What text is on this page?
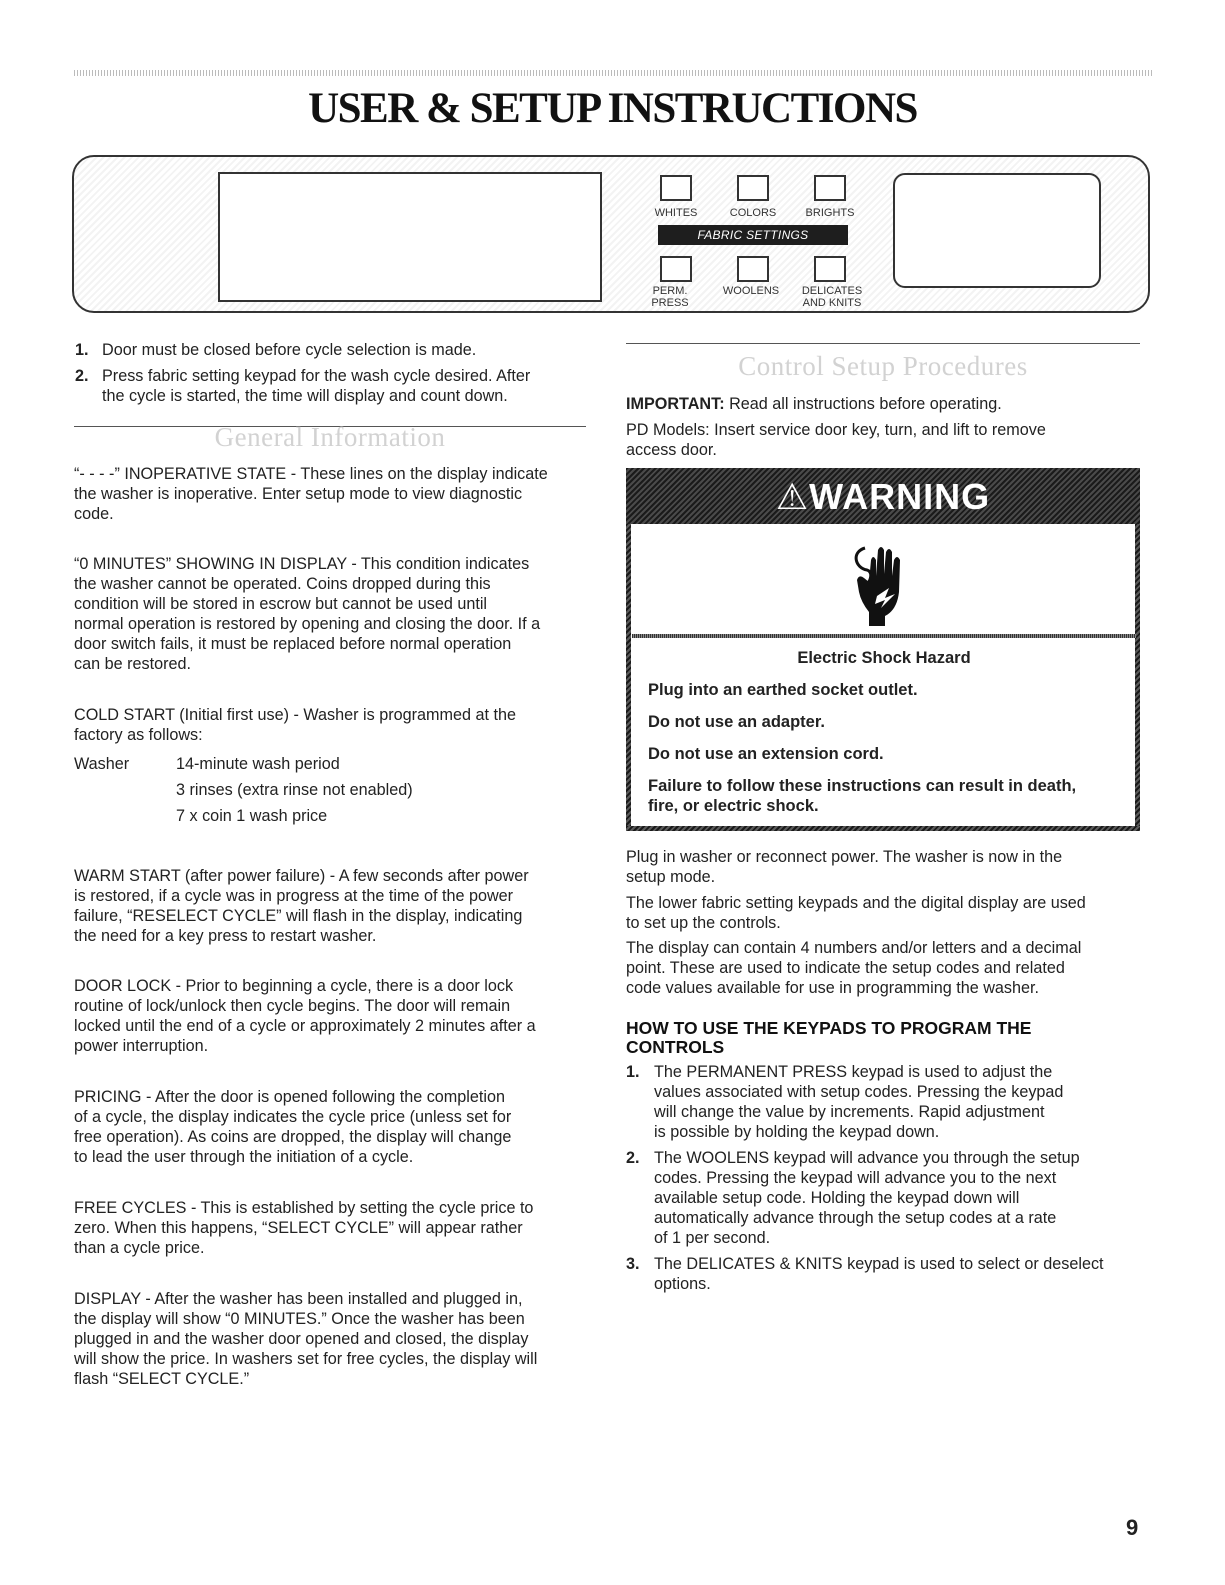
USER & SETUP INSTRUCTIONS
WHITES	COLORS	BRIGHTS
FABRIC SETTINGS
PERM.
PRESS
WOOLENS	DELICATES
AND KNITS
1. Door must be closed before cycle selection is made.

2. Press fabric setting keypad for the wash cycle desired. After

the cycle is started, the time will display and count down.

General Information

“- - - -” INOPERATIVE STATE - These lines on the display indicate

the washer is inoperative. Enter setup mode to view diagnostic

code.

“0 MINUTES” SHOWING IN DISPLAY - This condition indicates

the washer cannot be operated. Coins dropped during this

condition will be stored in escrow but cannot be used until

normal operation is restored by opening and closing the door. If a

door switch fails, it must be replaced before normal operation

can be restored.

COLD START (Initial first use) - Washer is programmed at the

factory as follows:

Washer	14-minute wash period

3 rinses (extra rinse not enabled)

7 x coin 1 wash price

WARM START (after power failure) - A few seconds after power

is restored, if a cycle was in progress at the time of the power

failure, “RESELECT CYCLE” will flash in the display, indicating

the need for a key press to restart washer.

DOOR LOCK - Prior to beginning a cycle, there is a door lock

routine of lock/unlock then cycle begins. The door will remain

locked until the end of a cycle or approximately 2 minutes after a

power interruption.

PRICING - After the door is opened following the completion

of a cycle, the display indicates the cycle price (unless set for

free operation). As coins are dropped, the display will change

to lead the user through the initiation of a cycle.

FREE CYCLES - This is established by setting the cycle price to

zero. When this happens, “SELECT CYCLE” will appear rather

than a cycle price.

DISPLAY - After the washer has been installed and plugged in,

the display will show “0 MINUTES.” Once the washer has been

plugged in and the washer door opened and closed, the display

will show the price. In washers set for free cycles, the display will

flash “SELECT CYCLE.”

Control Setup Procedures

IMPORTANT: Read all instructions before operating.

PD Models: Insert service door key, turn, and lift to remove

access door.

⚠WARNING

Electric Shock Hazard

Plug into an earthed socket outlet.

Do not use an adapter.

Do not use an extension cord.

Failure to follow these instructions can result in death,

fire, or electric shock.

Plug in washer or reconnect power. The washer is now in the

setup mode.

The lower fabric setting keypads and the digital display are used

to set up the controls.

The display can contain 4 numbers and/or letters and a decimal

point. These are used to indicate the setup codes and related

code values available for use in programming the washer.

HOW TO USE THE KEYPADS TO PROGRAM THE

CONTROLS

1. The PERMANENT PRESS keypad is used to adjust the

values associated with setup codes. Pressing the keypad

will change the value by increments. Rapid adjustment

is possible by holding the keypad down.

2. The WOOLENS keypad will advance you through the setup

codes. Pressing the keypad will advance you to the next

available setup code. Holding the keypad down will

automatically advance through the setup codes at a rate

of 1 per second.

3. The DELICATES & KNITS keypad is used to select or deselect

options.

9
